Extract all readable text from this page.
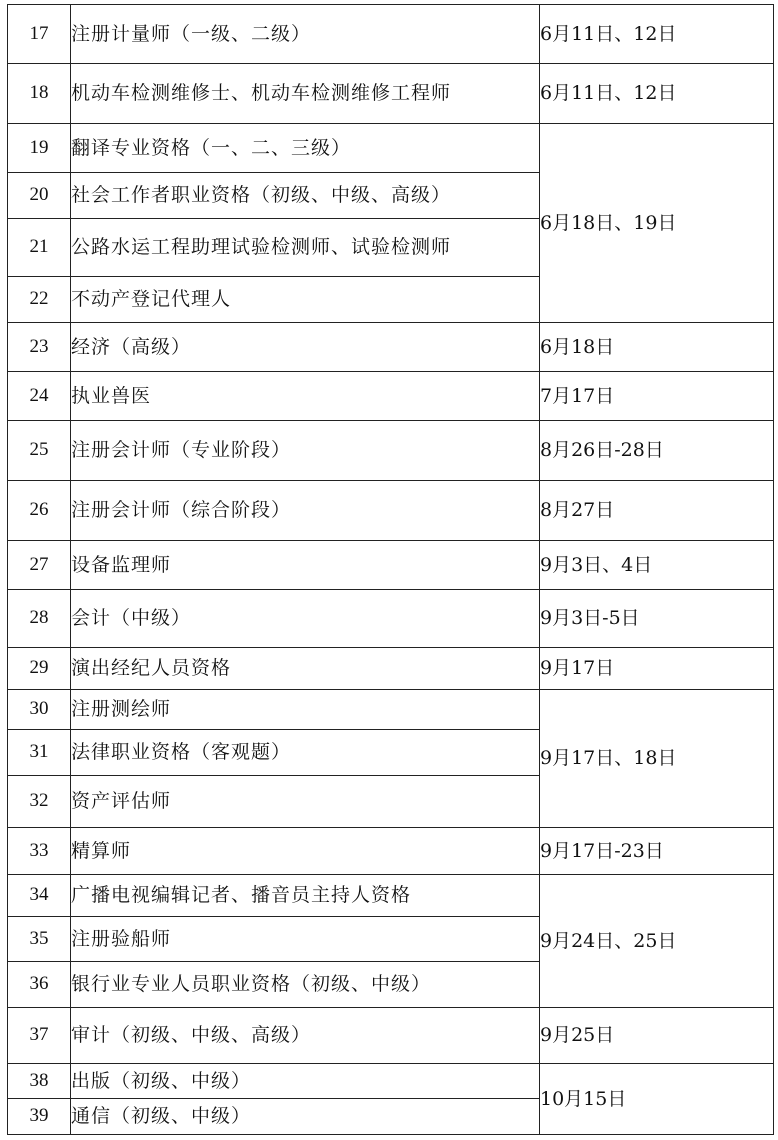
17	注册计量师（一级、二级）	6月11日、12日
18	机动车检测维修士、机动车检测维修工程师	6月11日、12日
19	翻译专业资格（一、二、三级）	6月18日、19日
20	社会工作者职业资格（初级、中级、高级）	
21	公路水运工程助理试验检测师、试验检测师	
22	不动产登记代理人	
23	经济（高级）	6月18日
24	执业兽医	7月17日
25	注册会计师（专业阶段）	8月26日-28日
26	注册会计师（综合阶段）	8月27日
27	设备监理师	9月3日、4日
28	会计（中级）	9月3日-5日
29	演出经纪人员资格	9月17日
30	注册测绘师	9月17日、18日
31	法律职业资格（客观题）	
32	资产评估师	
33	精算师	9月17日-23日
34	广播电视编辑记者、播音员主持人资格	9月24日、25日
35	注册验船师	
36	银行业专业人员职业资格（初级、中级）	
37	审计（初级、中级、高级）	9月25日
38	出版（初级、中级）	10月15日
39	通信（初级、中级）	
